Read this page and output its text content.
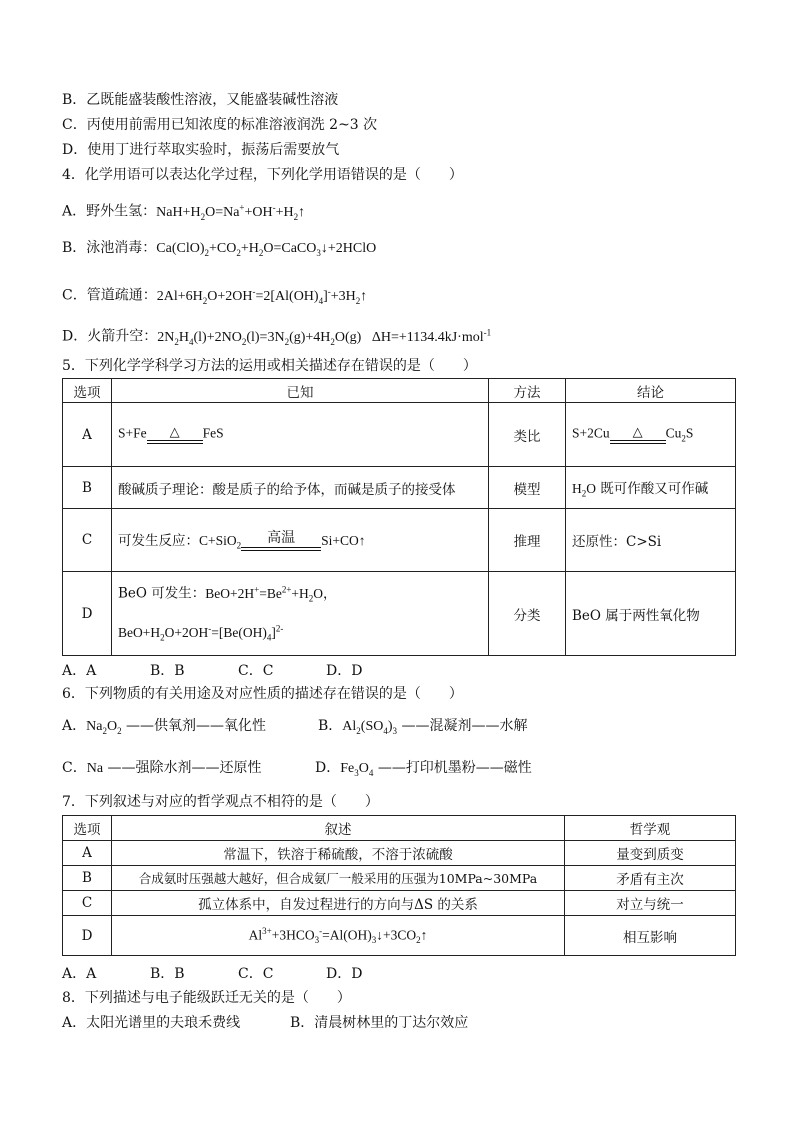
B．乙既能盛装酸性溶液，又能盛装碱性溶液
C．丙使用前需用已知浓度的标准溶液润洗 2~3 次
D．使用丁进行萃取实验时，振荡后需要放气
4．化学用语可以表达化学过程，下列化学用语错误的是（　　）
A．野外生氢：$NaH+H_2O=Na^++OH^-+H_2↑$
B．泳池消毒：$Ca(ClO)_2+CO_2+H_2O=CaCO_3↓+2HClO$
C．管道疏通：$2Al+6H_2O+2OH^-=2[Al(OH)_4]^-+3H_2↑$
D．火箭升空：$2N_2H_4(l)+2NO_2(l)=3N_2(g)+4H_2O(g)$   ΔH=+1134.4kJ·mol$^{-1}$
5．下列化学学科学习方法的运用或相关描述存在错误的是（　　）
选项	已知	方法	结论
A	S+Fe △ FeS	类比	S+2Cu △ $Cu_2S$
B	酸碱质子理论：酸是质子的给予体，而碱是质子的接受体	模型	$H_2O$ 既可作酸又可作碱
C	可发生反应：C+SiO$_2$ 高温 Si+CO↑	推理	还原性：C>Si
D	BeO 可发生：$BeO+2H^+=Be^{2+}+H_2O$，
$BeO+H_2O+2OH^-=[Be(OH)_4]^{2-}$	分类	BeO 属于两性氧化物
A．A	B．B	C．C	D．D
6．下列物质的有关用途及对应性质的描述存在错误的是（　　）
A．$Na_2O_2$ ——供氧剂——氧化性	B．$Al_2(SO_4)_3$ ——混凝剂——水解
C．Na ——强除水剂——还原性	D．$Fe_3O_4$ ——打印机墨粉——磁性
7．下列叙述与对应的哲学观点不相符的是（　　）
选项	叙述	哲学观
A	常温下，铁溶于稀硫酸，不溶于浓硫酸	量变到质变
B	合成氨时压强越大越好，但合成氨厂一般采用的压强为10MPa~30MPa	矛盾有主次
C	孤立体系中，自发过程进行的方向与ΔS 的关系	对立与统一
D	$Al^{3+}+3HCO_3^-=Al(OH)_3↓+3CO_2↑$	相互影响
A．A	B．B	C．C	D．D
8．下列描述与电子能级跃迁无关的是（　　）
A．太阳光谱里的夫琅禾费线	B．清晨树林里的丁达尔效应
